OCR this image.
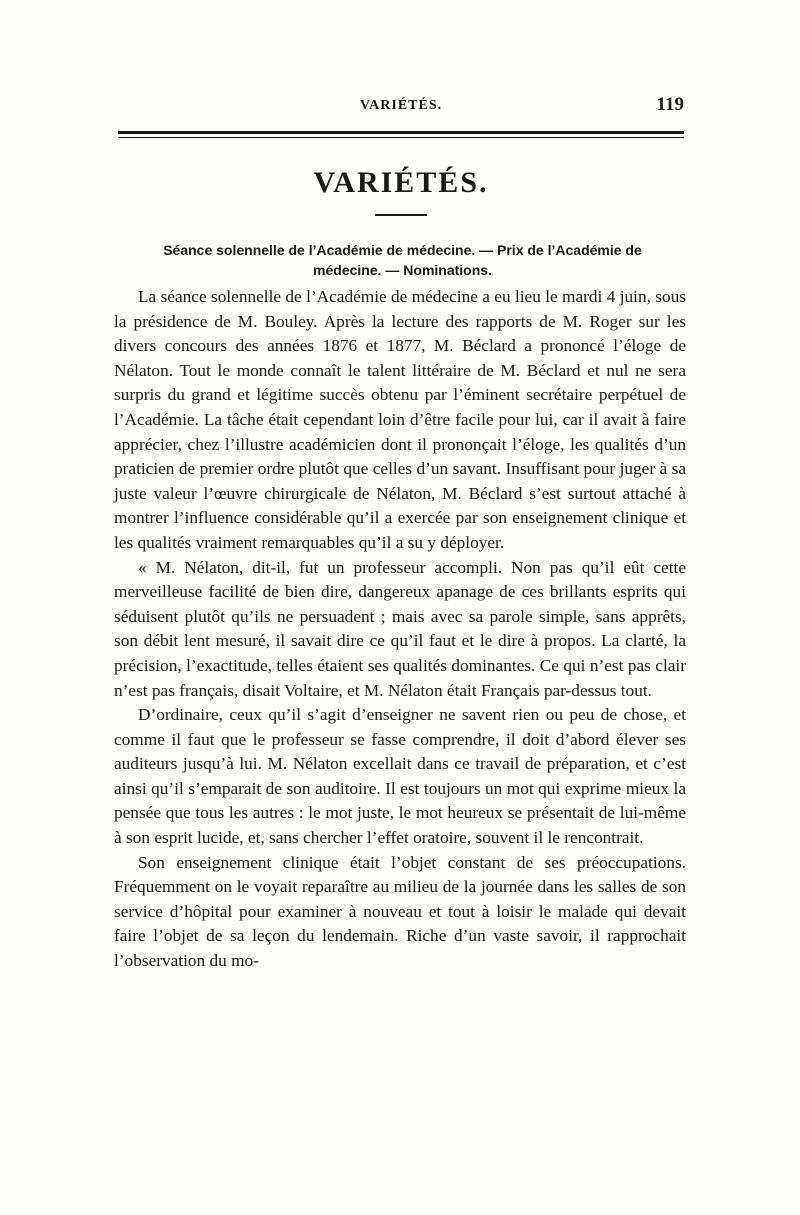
VARIÉTÉS.	119
VARIÉTÉS.
Séance solennelle de l’Académie de médecine. — Prix de l’Académie de médecine. — Nominations.

La séance solennelle de l’Académie de médecine a eu lieu le mardi 4 juin, sous la présidence de M. Bouley. Après la lecture des rapports de M. Roger sur les divers concours des années 1876 et 1877, M. Béclard a prononcé l’éloge de Nélaton. Tout le monde connaît le talent littéraire de M. Béclard et nul ne sera surpris du grand et légitime succès obtenu par l’éminent secrétaire perpétuel de l’Académie. La tâche était cependant loin d’être facile pour lui, car il avait à faire apprécier, chez l’illustre académicien dont il prononçait l’éloge, les qualités d’un praticien de premier ordre plutôt que celles d’un savant. Insuffisant pour juger à sa juste valeur l’œuvre chirurgicale de Nélaton, M. Béclard s’est surtout attaché à montrer l’influence considérable qu’il a exercée par son enseignement clinique et les qualités vraiment remarquables qu’il a su y déployer.

« M. Nélaton, dit-il, fut un professeur accompli. Non pas qu’il eût cette merveilleuse facilité de bien dire, dangereux apanage de ces brillants esprits qui séduisent plutôt qu’ils ne persuadent ; mais avec sa parole simple, sans apprêts, son débit lent mesuré, il savait dire ce qu’il faut et le dire à propos. La clarté, la précision, l’exactitude, telles étaient ses qualités dominantes. Ce qui n’est pas clair n’est pas français, disait Voltaire, et M. Nélaton était Français par-dessus tout.

D’ordinaire, ceux qu’il s’agit d’enseigner ne savent rien ou peu de chose, et comme il faut que le professeur se fasse comprendre, il doit d’abord élever ses auditeurs jusqu’à lui. M. Nélaton excellait dans ce travail de préparation, et c’est ainsi qu’il s’emparait de son auditoire. Il est toujours un mot qui exprime mieux la pensée que tous les autres : le mot juste, le mot heureux se présentait de lui-même à son esprit lucide, et, sans chercher l’effet oratoire, souvent il le rencontrait.

Son enseignement clinique était l’objet constant de ses préoccupations. Fréquemment on le voyait reparaître au milieu de la journée dans les salles de son service d’hôpital pour examiner à nouveau et tout à loisir le malade qui devait faire l’objet de sa leçon du lendemain. Riche d’un vaste savoir, il rapprochait l’observation du mo-
